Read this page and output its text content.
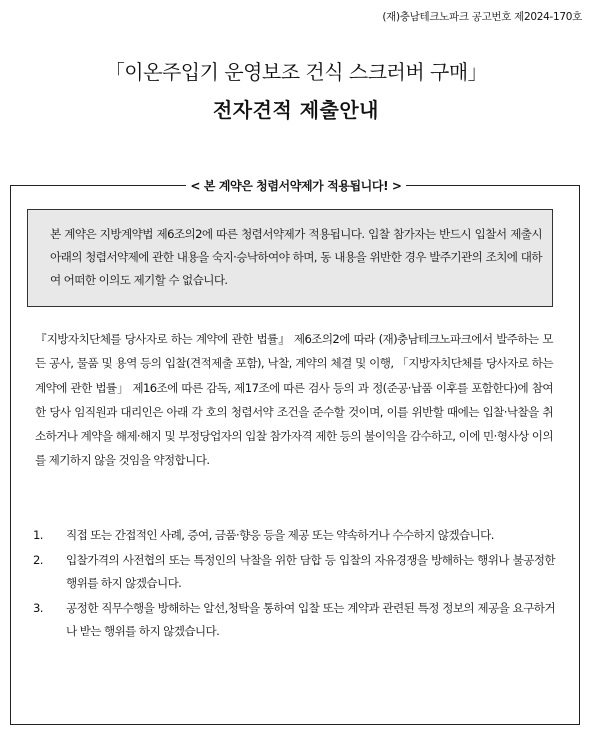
(재)충남테크노파크 공고번호 제2024-170호
「이온주입기 운영보조 건식 스크러버 구매」
전자견적 제출안내
< 본 계약은 청렴서약제가 적용됩니다! >
본 계약은 지방계약법 제6조의2에 따른 청렴서약제가 적용됩니다. 입찰 참가자는 반드시 입찰서 제출시 아래의 청렴서약제에 관한 내용을 숙지·승낙하여야 하며, 동 내용을 위반한 경우 발주기관의 조치에 대하여 어떠한 이의도 제기할 수 없습니다.
『지방자치단체를 당사자로 하는 계약에 관한 법률』 제6조의2에 따라 (재)충남테크노파크에서 발주하는 모든 공사, 물품 및 용역 등의 입찰(견적제출 포함), 낙찰, 계약의 체결 및 이행, 「지방자치단체를 당사자로 하는 계약에 관한 법률」 제16조에 따른 감독, 제17조에 따른 검사 등의 과 정(준공·납품 이후를 포함한다)에 참여한 당사 임직원과 대리인은 아래 각 호의 청렴서약 조건을 준수할 것이며, 이를 위반할 때에는 입찰·낙찰을 취소하거나 계약을 해제·해지 및 부정당업자의 입찰 참가자격 제한 등의 불이익을 감수하고, 이에 민·형사상 이의를 제기하지 않을 것임을 약정합니다.
1. 직접 또는 간접적인 사례, 증여, 금품·향응 등을 제공 또는 약속하거나 수수하지 않겠습니다.
2. 입찰가격의 사전협의 또는 특정인의 낙찰을 위한 담합 등 입찰의 자유경쟁을 방해하는 행위나 불공정한 행위를 하지 않겠습니다.
3. 공정한 직무수행을 방해하는 알선,청탁을 통하여 입찰 또는 계약과 관련된 특정 정보의 제공을 요구하거나 받는 행위를 하지 않겠습니다.
